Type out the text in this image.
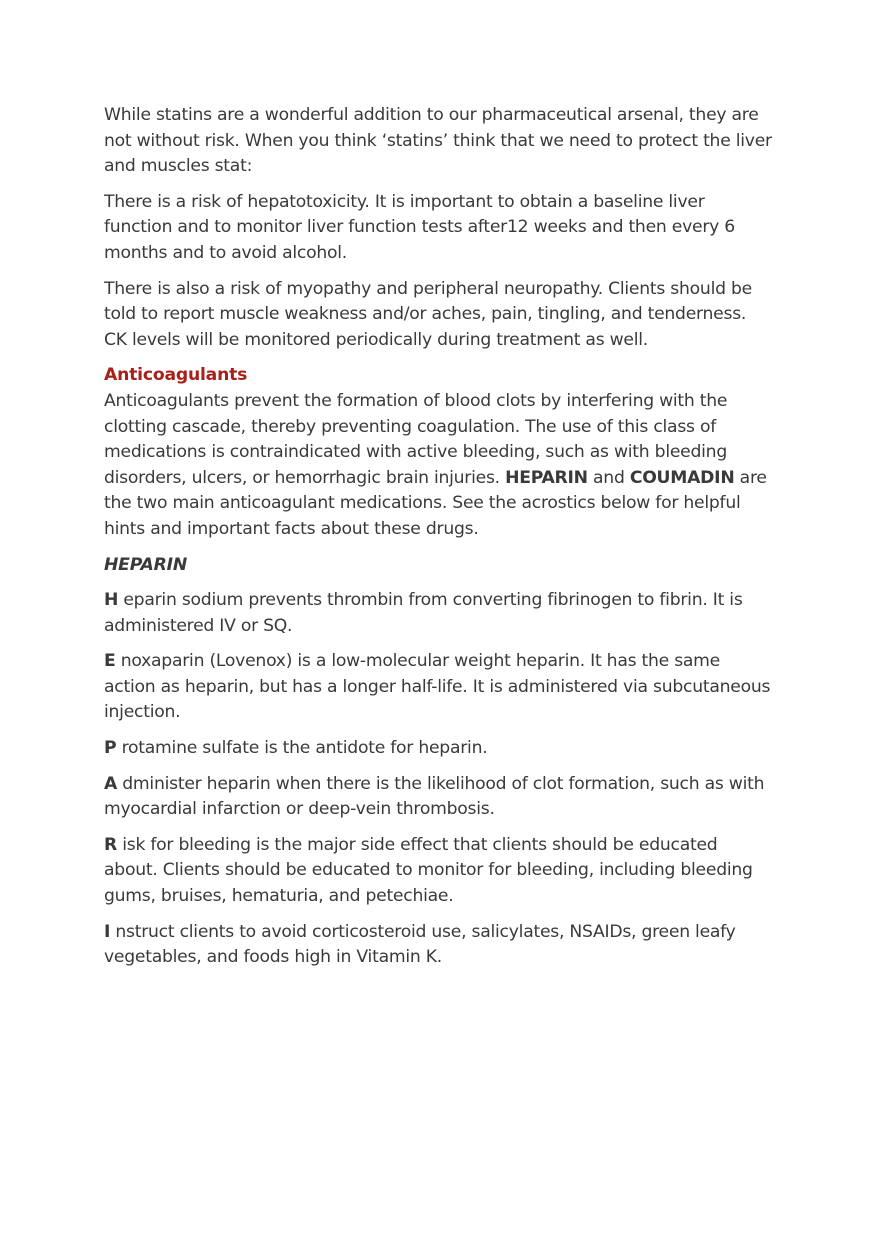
While statins are a wonderful addition to our pharmaceutical arsenal, they are not without risk. When you think ‘statins’ think that we need to protect the liver and muscles stat:

There is a risk of hepatotoxicity. It is important to obtain a baseline liver function and to monitor liver function tests after12 weeks and then every 6 months and to avoid alcohol.

There is also a risk of myopathy and peripheral neuropathy. Clients should be told to report muscle weakness and/or aches, pain, tingling, and tenderness. CK levels will be monitored periodically during treatment as well.

Anticoagulants

Anticoagulants prevent the formation of blood clots by interfering with the clotting cascade, thereby preventing coagulation. The use of this class of medications is contraindicated with active bleeding, such as with bleeding disorders, ulcers, or hemorrhagic brain injuries. HEPARIN and COUMADIN are the two main anticoagulant medications. See the acrostics below for helpful hints and important facts about these drugs.

HEPARIN

H eparin sodium prevents thrombin from converting fibrinogen to fibrin. It is administered IV or SQ.

E noxaparin (Lovenox) is a low-molecular weight heparin. It has the same action as heparin, but has a longer half-life. It is administered via subcutaneous injection.

P rotamine sulfate is the antidote for heparin.

A dminister heparin when there is the likelihood of clot formation, such as with myocardial infarction or deep-vein thrombosis.

R isk for bleeding is the major side effect that clients should be educated about. Clients should be educated to monitor for bleeding, including bleeding gums, bruises, hematuria, and petechiae.

I nstruct clients to avoid corticosteroid use, salicylates, NSAIDs, green leafy vegetables, and foods high in Vitamin K.
